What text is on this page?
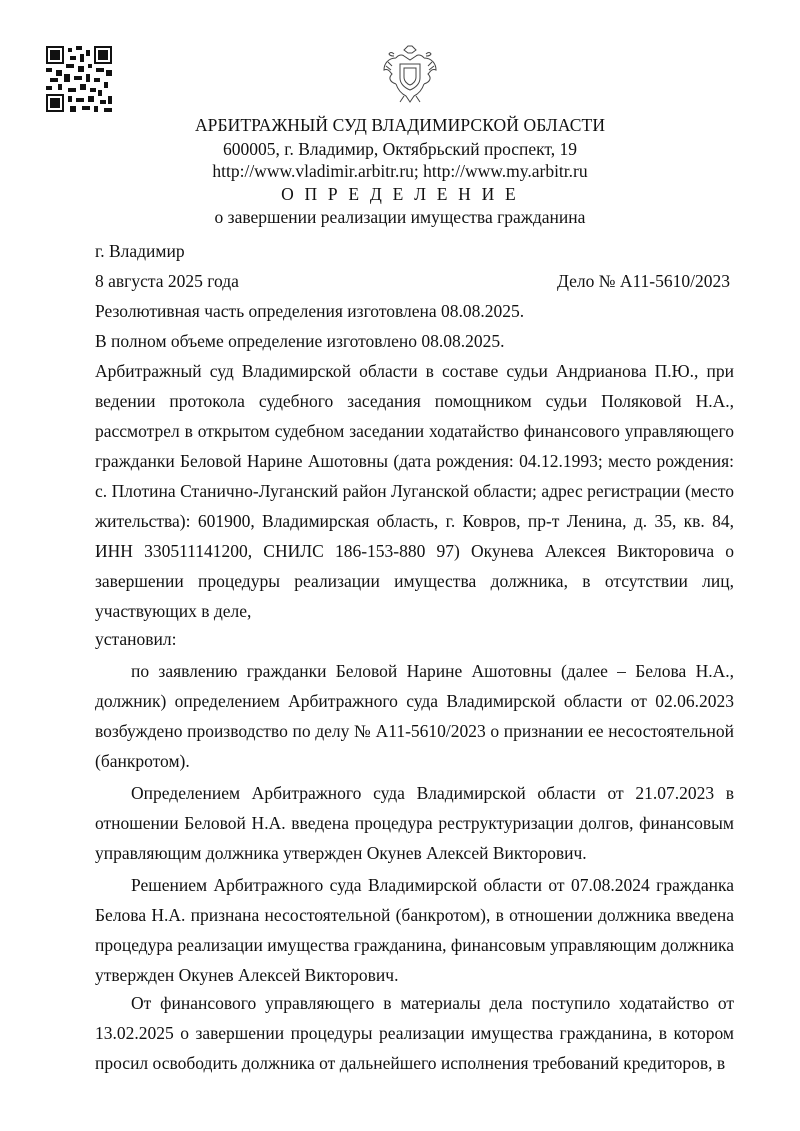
АРБИТРАЖНЫЙ СУД ВЛАДИМИРСКОЙ ОБЛАСТИ
600005, г. Владимир, Октябрьский проспект, 19
http://www.vladimir.arbitr.ru; http://www.my.arbitr.ru
О П Р Е Д Е Л Е Н И Е
о завершении реализации имущества гражданина
г. Владимир
8 августа 2025 года	Дело № А11-5610/2023
Резолютивная часть определения изготовлена 08.08.2025.
В полном объеме определение изготовлено 08.08.2025.

Арбитражный суд Владимирской области в составе судьи Андрианова П.Ю., при ведении протокола судебного заседания помощником судьи Поляковой Н.А., рассмотрел в открытом судебном заседании ходатайство финансового управляющего гражданки Беловой Нарине Ашотовны (дата рождения: 04.12.1993; место рождения: с. Плотина Станично-Луганский район Луганской области; адрес регистрации (место жительства): 601900, Владимирская область, г. Ковров, пр-т Ленина, д. 35, кв. 84, ИНН 330511141200, СНИЛС 186-153-880 97) Окунева Алексея Викторовича о завершении процедуры реализации имущества должника, в отсутствии лиц, участвующих в деле,

установил:

по заявлению гражданки Беловой Нарине Ашотовны (далее – Белова Н.А., должник) определением Арбитражного суда Владимирской области от 02.06.2023 возбуждено производство по делу № А11-5610/2023 о признании ее несостоятельной (банкротом).

Определением Арбитражного суда Владимирской области от 21.07.2023 в отношении Беловой Н.А. введена процедура реструктуризации долгов, финансовым управляющим должника утвержден Окунев Алексей Викторович.

Решением Арбитражного суда Владимирской области от 07.08.2024 гражданка Белова Н.А. признана несостоятельной (банкротом), в отношении должника введена процедура реализации имущества гражданина, финансовым управляющим должника утвержден Окунев Алексей Викторович.

От финансового управляющего в материалы дела поступило ходатайство от 13.02.2025 о завершении процедуры реализации имущества гражданина, в котором просил освободить должника от дальнейшего исполнения требований кредиторов, в
